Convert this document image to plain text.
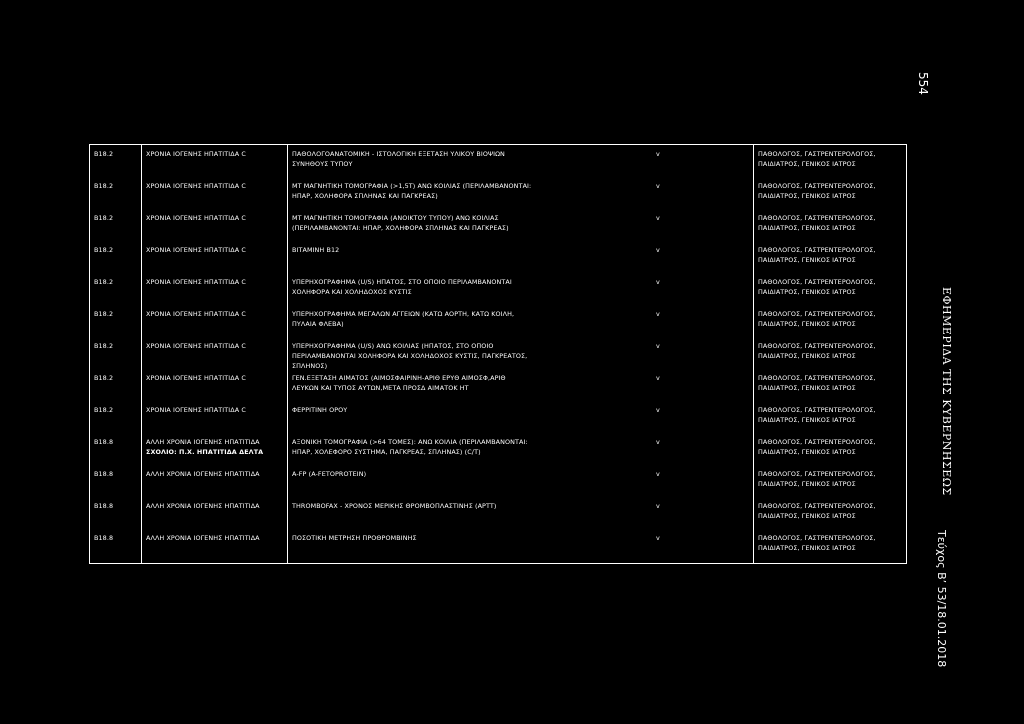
554
ΕΦΗΜΕΡΙΔΑ ΤΗΣ ΚΥΒΕΡΝΗΣΕΩΣ
Τεύχος Β’ 53/18.01.2018
B18.2	ΧΡΟΝΙΑ ΙΟΓΕΝΗΣ ΗΠΑΤΙΤΙΔΑ C	ΠΑΘΟΛΟΓΟΑΝΑΤΟΜΙΚΗ - ΙΣΤΟΛΟΓΙΚΗ ΕΞΕΤΑΣΗ ΥΛΙΚΟΥ ΒΙΟΨΙΩΝ
ΣΥΝΗΘΟΥΣ ΤΥΠΟΥ
v	ΠΑΘΟΛΟΓΟΣ, ΓΑΣΤΡΕΝΤΕΡΟΛΟΓΟΣ,
ΠΑΙΔΙΑΤΡΟΣ, ΓΕΝΙΚΟΣ ΙΑΤΡΟΣ
B18.2	ΧΡΟΝΙΑ ΙΟΓΕΝΗΣ ΗΠΑΤΙΤΙΔΑ C	MT ΜΑΓΝΗΤΙΚΗ ΤΟΜΟΓΡΑΦΙΑ (>1,5Τ) ΑΝΩ ΚΟΙΛΙΑΣ (ΠΕΡΙΛΑΜΒΑΝΟΝΤΑΙ:
ΗΠΑΡ, ΧΟΛΗΦΟΡΑ ΣΠΛΗΝΑΣ ΚΑΙ ΠΑΓΚΡΕΑΣ)
v	ΠΑΘΟΛΟΓΟΣ, ΓΑΣΤΡΕΝΤΕΡΟΛΟΓΟΣ,
ΠΑΙΔΙΑΤΡΟΣ, ΓΕΝΙΚΟΣ ΙΑΤΡΟΣ
B18.2	ΧΡΟΝΙΑ ΙΟΓΕΝΗΣ ΗΠΑΤΙΤΙΔΑ C	MT ΜΑΓΝΗΤΙΚΗ ΤΟΜΟΓΡΑΦΙΑ (ΑΝΟΙΚΤΟΥ ΤΥΠΟΥ) ΑΝΩ ΚΟΙΛΙΑΣ
(ΠΕΡΙΛΑΜΒΑΝΟΝΤΑΙ: ΗΠΑΡ, ΧΟΛΗΦΟΡΑ ΣΠΛΗΝΑΣ ΚΑΙ ΠΑΓΚΡΕΑΣ)
v	ΠΑΘΟΛΟΓΟΣ, ΓΑΣΤΡΕΝΤΕΡΟΛΟΓΟΣ,
ΠΑΙΔΙΑΤΡΟΣ, ΓΕΝΙΚΟΣ ΙΑΤΡΟΣ
B18.2	ΧΡΟΝΙΑ ΙΟΓΕΝΗΣ ΗΠΑΤΙΤΙΔΑ C	ΒΙΤΑΜΙΝΗ Β12	v	ΠΑΘΟΛΟΓΟΣ, ΓΑΣΤΡΕΝΤΕΡΟΛΟΓΟΣ,
ΠΑΙΔΙΑΤΡΟΣ, ΓΕΝΙΚΟΣ ΙΑΤΡΟΣ
B18.2	ΧΡΟΝΙΑ ΙΟΓΕΝΗΣ ΗΠΑΤΙΤΙΔΑ C	ΥΠΕΡΗΧΟΓΡΑΦΗΜΑ (U/S) ΗΠΑΤΟΣ, ΣΤΟ ΟΠΟΙΟ ΠΕΡΙΛΑΜΒΑΝΟΝΤΑΙ
ΧΟΛΗΦΟΡΑ ΚΑΙ ΧΟΛΗΔΟΧΟΣ ΚΥΣΤΙΣ
v	ΠΑΘΟΛΟΓΟΣ, ΓΑΣΤΡΕΝΤΕΡΟΛΟΓΟΣ,
ΠΑΙΔΙΑΤΡΟΣ, ΓΕΝΙΚΟΣ ΙΑΤΡΟΣ
B18.2	ΧΡΟΝΙΑ ΙΟΓΕΝΗΣ ΗΠΑΤΙΤΙΔΑ C	ΥΠΕΡΗΧΟΓΡΑΦΗΜΑ ΜΕΓΑΛΩΝ ΑΓΓΕΙΩΝ (ΚΑΤΩ ΑΟΡΤΗ, ΚΑΤΩ ΚΟΙΛΗ,
ΠΥΛΑΙΑ ΦΛΕΒΑ)
v	ΠΑΘΟΛΟΓΟΣ, ΓΑΣΤΡΕΝΤΕΡΟΛΟΓΟΣ,
ΠΑΙΔΙΑΤΡΟΣ, ΓΕΝΙΚΟΣ ΙΑΤΡΟΣ
B18.2	ΧΡΟΝΙΑ ΙΟΓΕΝΗΣ ΗΠΑΤΙΤΙΔΑ C	ΥΠΕΡΗΧΟΓΡΑΦΗΜΑ (U/S) ΑΝΩ ΚΟΙΛΙΑΣ (ΗΠΑΤΟΣ, ΣΤΟ ΟΠΟΙΟ
ΠΕΡΙΛΑΜΒΑΝΟΝΤΑΙ ΧΟΛΗΦΟΡΑ ΚΑΙ ΧΟΛΗΔΟΧΟΣ ΚΥΣΤΙΣ, ΠΑΓΚΡΕΑΤΟΣ,
ΣΠΛΗΝΟΣ)
v	ΠΑΘΟΛΟΓΟΣ, ΓΑΣΤΡΕΝΤΕΡΟΛΟΓΟΣ,
ΠΑΙΔΙΑΤΡΟΣ, ΓΕΝΙΚΟΣ ΙΑΤΡΟΣ
B18.2	ΧΡΟΝΙΑ ΙΟΓΕΝΗΣ ΗΠΑΤΙΤΙΔΑ C	ΓΕΝ.ΕΞΕΤΑΣΗ ΑΙΜΑΤΟΣ (ΑΙΜΟΣΦΑΙΡΙΝΗ-ΑΡΙΘ ΕΡΥΘ ΑΙΜΟΣΦ,ΑΡΙΘ
ΛΕΥΚΩΝ ΚΑΙ ΤΥΠΟΣ ΑΥΤΩΝ,ΜΕΤΑ ΠΡΟΣΔ ΑΙΜΑΤΟΚ ΗΤ
v	ΠΑΘΟΛΟΓΟΣ, ΓΑΣΤΡΕΝΤΕΡΟΛΟΓΟΣ,
ΠΑΙΔΙΑΤΡΟΣ, ΓΕΝΙΚΟΣ ΙΑΤΡΟΣ
B18.2	ΧΡΟΝΙΑ ΙΟΓΕΝΗΣ ΗΠΑΤΙΤΙΔΑ C	ΦΕΡΡΙΤΙΝΗ ΟΡΟΥ	v	ΠΑΘΟΛΟΓΟΣ, ΓΑΣΤΡΕΝΤΕΡΟΛΟΓΟΣ,
ΠΑΙΔΙΑΤΡΟΣ, ΓΕΝΙΚΟΣ ΙΑΤΡΟΣ
B18.8	ΑΛΛΗ ΧΡΟΝΙΑ ΙΟΓΕΝΗΣ ΗΠΑΤΙΤΙΔΑ
ΣΧΟΛΙΟ: Π.Χ. ΗΠΑΤΙΤΙΔΑ ΔΕΛΤΑ
ΑΞΟΝΙΚΗ ΤΟΜΟΓΡΑΦΙΑ (>64 TOMEΣ): ΑΝΩ ΚΟΙΛΙΑ (ΠΕΡΙΛΑΜΒΑΝΟΝΤΑΙ:
ΗΠΑΡ, ΧΟΛΕΦΟΡΟ ΣΥΣΤΗΜΑ, ΠΑΓΚΡΕΑΣ, ΣΠΛΗΝΑΣ) (C/T)
v	ΠΑΘΟΛΟΓΟΣ, ΓΑΣΤΡΕΝΤΕΡΟΛΟΓΟΣ,
ΠΑΙΔΙΑΤΡΟΣ, ΓΕΝΙΚΟΣ ΙΑΤΡΟΣ
B18.8	ΑΛΛΗ ΧΡΟΝΙΑ ΙΟΓΕΝΗΣ ΗΠΑΤΙΤΙΔΑ	A-FP (A-FETOPROTEIN)	v	ΠΑΘΟΛΟΓΟΣ, ΓΑΣΤΡΕΝΤΕΡΟΛΟΓΟΣ,
ΠΑΙΔΙΑΤΡΟΣ, ΓΕΝΙΚΟΣ ΙΑΤΡΟΣ
B18.8	ΑΛΛΗ ΧΡΟΝΙΑ ΙΟΓΕΝΗΣ ΗΠΑΤΙΤΙΔΑ	THROMBOFAX - ΧΡΟΝΟΣ ΜΕΡΙΚΗΣ ΘΡΟΜΒΟΠΛΑΣΤΙΝΗΣ (APTT)	v	ΠΑΘΟΛΟΓΟΣ, ΓΑΣΤΡΕΝΤΕΡΟΛΟΓΟΣ,
ΠΑΙΔΙΑΤΡΟΣ, ΓΕΝΙΚΟΣ ΙΑΤΡΟΣ
B18.8	ΑΛΛΗ ΧΡΟΝΙΑ ΙΟΓΕΝΗΣ ΗΠΑΤΙΤΙΔΑ	ΠΟΣΟΤΙΚΗ ΜΕΤΡΗΣΗ ΠΡΟΘΡΟΜΒΙΝΗΣ	v	ΠΑΘΟΛΟΓΟΣ, ΓΑΣΤΡΕΝΤΕΡΟΛΟΓΟΣ,
ΠΑΙΔΙΑΤΡΟΣ, ΓΕΝΙΚΟΣ ΙΑΤΡΟΣ
